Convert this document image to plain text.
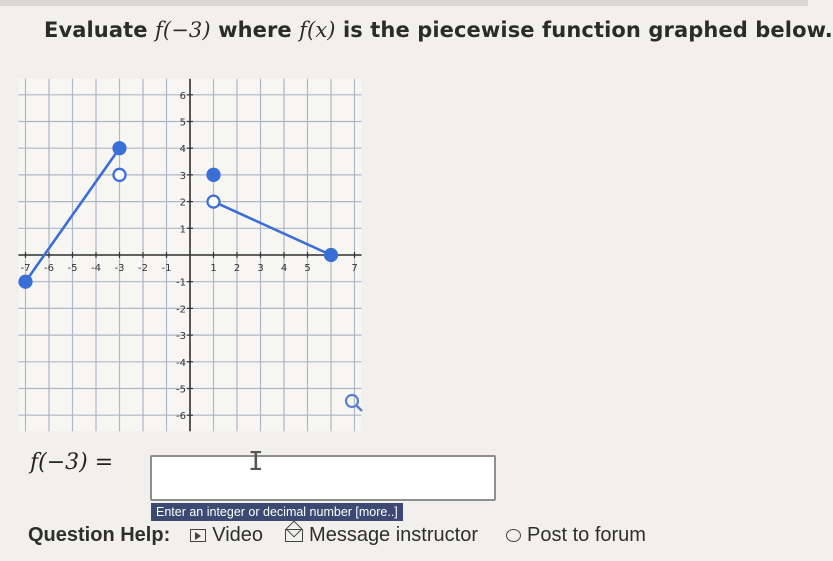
Evaluate f(−3) where f(x) is the piecewise function graphed below.
-7 -6 -5 -4 -3 -2 -1	1 2 3 4 5	7
6
5
4
3
2
1
-1
-2
-3
-4
-5
-6
f(−3) =	I
Enter an integer or decimal number [more..]
Question Help: Video Message instructor Post to forum
